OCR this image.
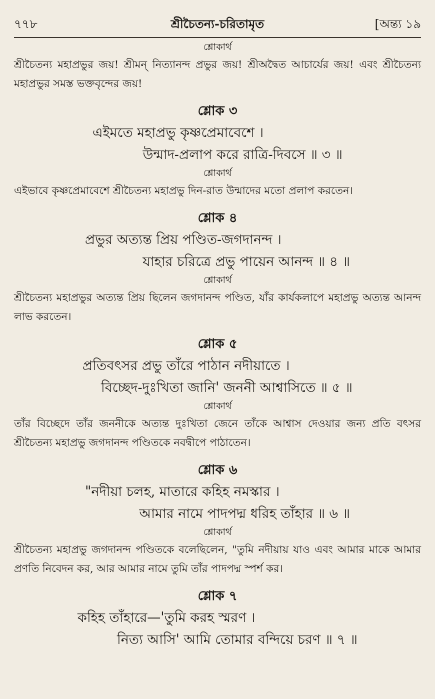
৭৭৮	শ্রীচৈতন্য-চরিতামৃত	[অন্ত্য ১৯

শ্লোকার্থ

শ্রীচৈতন্য মহাপ্রভুর জয়! শ্রীমন্‌ নিত্যানন্দ প্রভুর জয়! শ্রীঅদ্বৈত আচার্যের জয়! এবং শ্রীচৈতন্য মহাপ্রভুর সমস্ত ভক্তবৃন্দের জয়!

শ্লোক ৩

এইমতে মহাপ্রভু কৃষ্ণপ্রেমাবেশে ।
উন্মাদ-প্রলাপ করে রাত্রি-দিবসে ॥ ৩ ॥

শ্লোকার্থ

এইভাবে কৃষ্ণপ্রেমাবেশে শ্রীচৈতন্য মহাপ্রভু দিন-রাত উন্মাদের মতো প্রলাপ করতেন।

শ্লোক ৪

প্রভুর অত্যন্ত প্রিয় পণ্ডিত-জগদানন্দ ।
যাহার চরিত্রে প্রভু পায়েন আনন্দ ॥ ৪ ॥

শ্লোকার্থ

শ্রীচৈতন্য মহাপ্রভুর অত্যন্ত প্রিয় ছিলেন জগদানন্দ পণ্ডিত, যাঁর কার্যকলাপে মহাপ্রভু অত্যন্ত আনন্দ লাভ করতেন।

শ্লোক ৫

প্রতিবৎসর প্রভু তাঁরে পাঠান নদীয়াতে ।
বিচ্ছেদ-দুঃখিতা জানি' জননী আশ্বাসিতে ॥ ৫ ॥

শ্লোকার্থ

তাঁর বিচ্ছেদে তাঁর জননীকে অত্যন্ত দুঃখিতা জেনে তাঁকে আশ্বাস দেওয়ার জন্য প্রতি বৎসর শ্রীচৈতন্য মহাপ্রভু জগদানন্দ পণ্ডিতকে নবদ্বীপে পাঠাতেন।

শ্লোক ৬

"নদীয়া চলহ, মাতারে কহিহ নমস্কার ।
আমার নামে পাদপদ্ম ধরিহ তাঁহার ॥ ৬ ॥

শ্লোকার্থ

শ্রীচৈতন্য মহাপ্রভু জগদানন্দ পণ্ডিতকে বলেছিলেন, "তুমি নদীয়ায় যাও এবং আমার মাকে আমার প্রণতি নিবেদন কর, আর আমার নামে তুমি তাঁর পাদপদ্ম স্পর্শ কর।

শ্লোক ৭

কহিহ তাঁহারে—'তুমি করহ স্মরণ ।
নিত্য আসি' আমি তোমার বন্দিয়ে চরণ ॥ ৭ ॥
